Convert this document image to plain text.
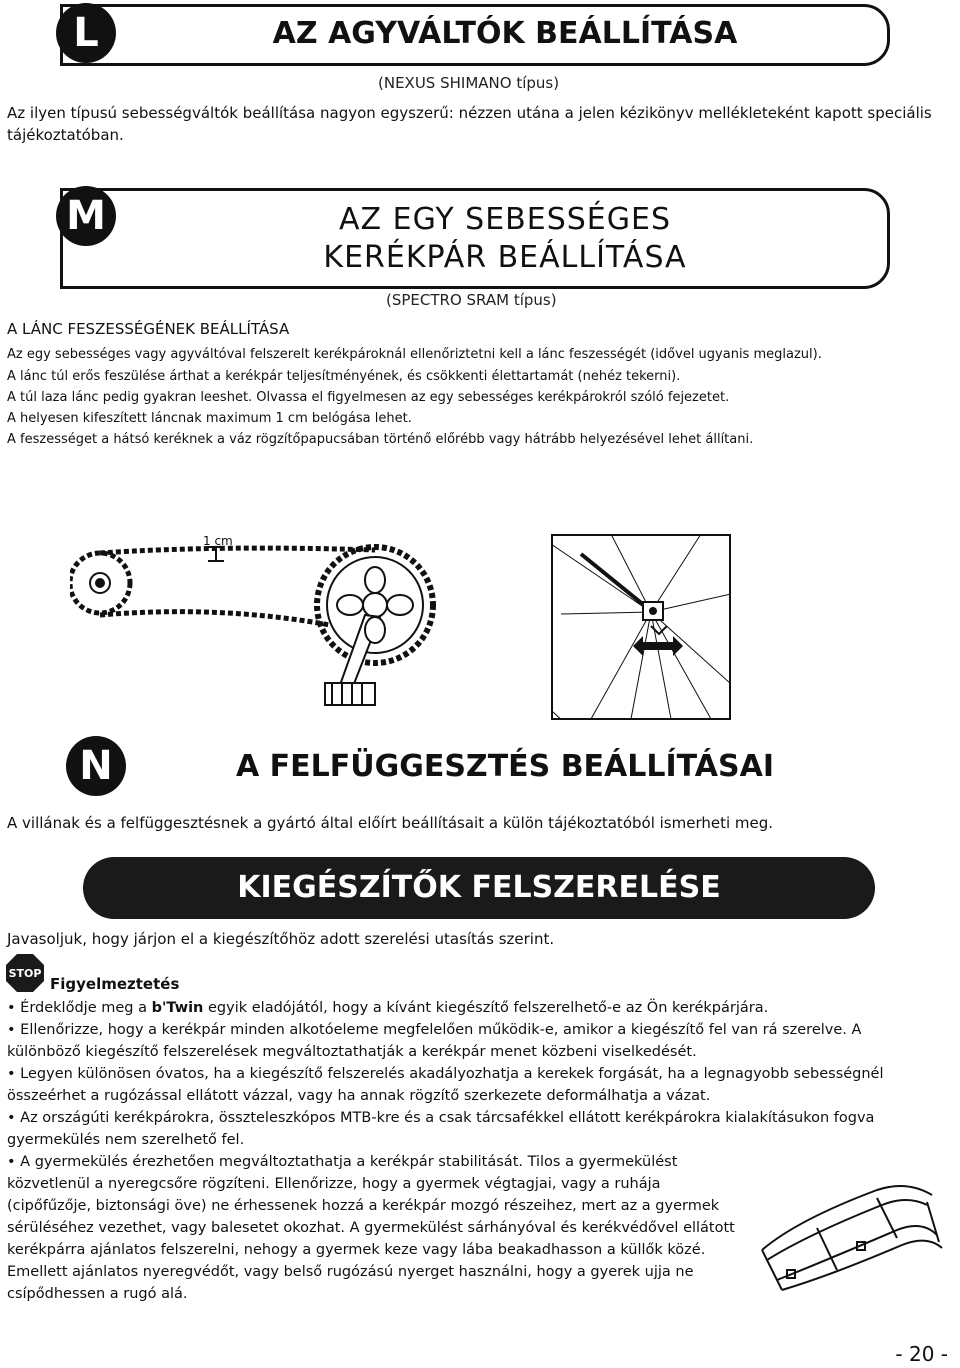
L	AZ AGYVÁLTÓK BEÁLLÍTÁSA
(NEXUS SHIMANO típus)

Az ilyen típusú sebességváltók beállítása nagyon egyszerű: nézzen utána a jelen kézikönyv mellékleteként kapott speciális tájékoztatóban.

M	AZ EGY SEBESSÉGES
KERÉKPÁR BEÁLLÍTÁSA
(SPECTRO SRAM típus)
A LÁNC FESZESSÉGÉNEK BEÁLLÍTÁSA
Az egy sebességes vagy agyváltóval felszerelt kerékpároknál ellenőriztetni kell a lánc feszességét (idővel ugyanis meglazul).
A lánc túl erős feszülése árthat a kerékpár teljesítményének, és csökkenti élettartamát (nehéz tekerni).
A túl laza lánc pedig gyakran leeshet. Olvassa el figyelmesen az egy sebességes kerékpárokról szóló fejezetet.
A helyesen kifeszített láncnak maximum 1 cm belógása lehet.
A feszességet a hátsó keréknek a váz rögzítőpapucsában történő előrébb vagy hátrább helyezésével lehet állítani.
1 cm
N	A FELFÜGGESZTÉS BEÁLLÍTÁSAI

A villának és a felfüggesztésnek a gyártó által előírt beállításait a külön tájékoztatóból ismerheti meg.

KIEGÉSZÍTŐK FELSZERELÉSE

Javasoljuk, hogy járjon el a kiegészítőhöz adott szerelési utasítás szerint.

STOP
Figyelmeztetés
• Érdeklődje meg a b'Twin egyik eladójától, hogy a kívánt kiegészítő felszerelhető-e az Ön kerékpárjára.
• Ellenőrizze, hogy a kerékpár minden alkotóeleme megfelelően működik-e, amikor a kiegészítő fel van rá szerelve. A különböző kiegészítő felszerelések megváltoztathatják a kerékpár menet közbeni viselkedését.
• Legyen különösen óvatos, ha a kiegészítő felszerelés akadályozhatja a kerekek forgását, ha a legnagyobb sebességnél összeérhet a rugózással ellátott vázzal, vagy ha annak rögzítő szerkezete deformálhatja a vázat.
• Az országúti kerékpárokra, összteleszkópos MTB-kre és a csak tárcsafékkel ellátott kerékpárokra kialakításukon fogva gyermekülés nem szerelhető fel.
• A gyermekülés érezhetően megváltoztathatja a kerékpár stabilitását. Tilos a gyermekülést közvetlenül a nyeregcsőre rögzíteni. Ellenőrizze, hogy a gyermek végtagjai, vagy a ruhája (cipőfűzője, biztonsági öve) ne érhessenek hozzá a kerékpár mozgó részeihez, mert az a gyermek sérüléséhez vezethet, vagy balesetet okozhat. A gyermekülést sárhányóval és kerékvédővel ellátott kerékpárra ajánlatos felszerelni, nehogy a gyermek keze vagy lába beakadhasson a küllők közé. Emellett ajánlatos nyeregvédőt, vagy belső rugózású nyerget használni, hogy a gyerek ujja ne csípődhessen a rugó alá.
- 20 -
